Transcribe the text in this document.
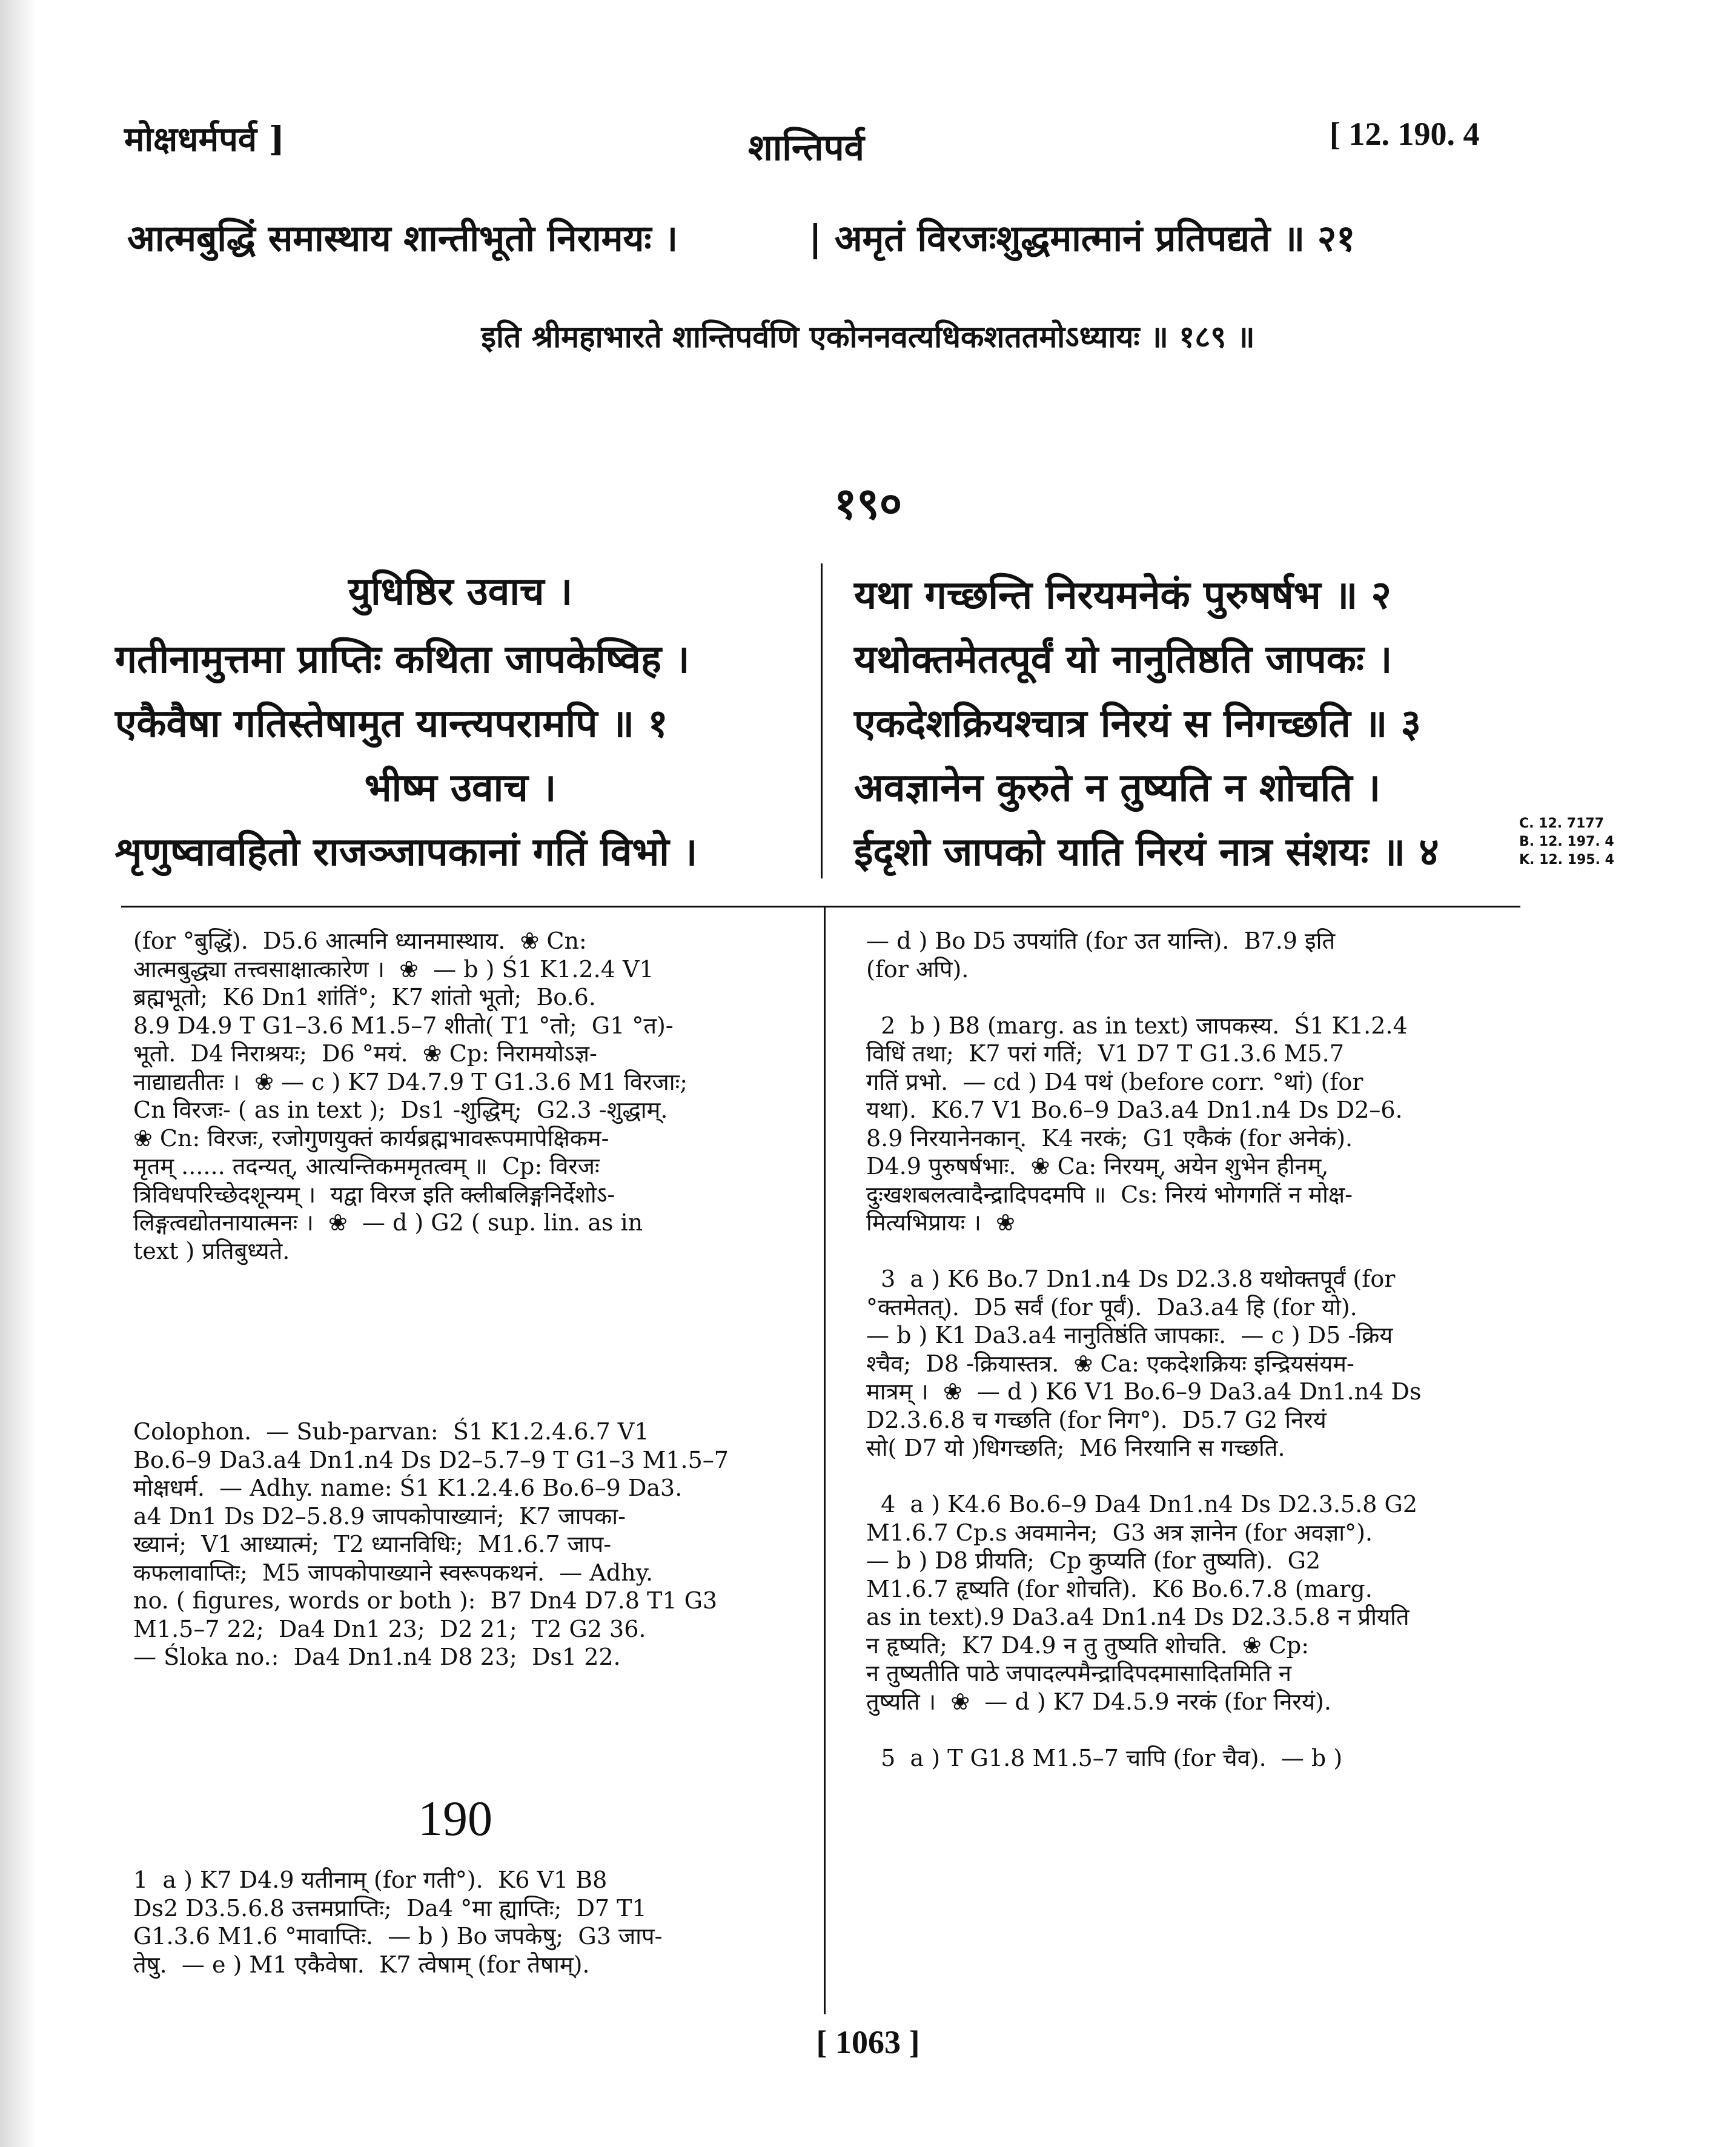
मोक्षधर्मपर्व ]	शान्तिपर्व	[ 12. 190. 4
आत्मबुद्धिं समास्थाय शान्तीभूतो निरामयः ।	| अमृतं विरजःशुद्धमात्मानं प्रतिपद्यते ॥ २१
इति श्रीमहाभारते शान्तिपर्वणि एकोननवत्यधिकशततमोऽध्यायः ॥ १८९ ॥
१९०
युधिष्ठिर उवाच ।
गतीनामुत्तमा प्राप्तिः कथिता जापकेष्विह ।
एकैवैषा गतिस्तेषामुत यान्त्यपरामपि ॥ १
भीष्म उवाच ।
शृणुष्वावहितो राजञ्जापकानां गतिं विभो ।
यथा गच्छन्ति निरयमनेकं पुरुषर्षभ ॥ २
यथोक्तमेतत्पूर्वं यो नानुतिष्ठति जापकः ।
एकदेशक्रियश्चात्र निरयं स निगच्छति ॥ ३
अवज्ञानेन कुरुते न तुष्यति न शोचति ।
ईदृशो जापको याति निरयं नात्र संशयः ॥ ४
C. 12. 7177
B. 12. 197. 4
K. 12. 195. 4

(for °बुद्धिं).  D5.6 आत्मनि ध्यानमास्थाय.  ❀ Cn:

आत्मबुद्ध्या तत्त्वसाक्षात्कारेण ।  ❀  — b ) Ś1 K1.2.4 V1

ब्रह्मभूतो;  K6 Dn1 शांतिं°;  K7 शांतो भूतो;  Bo.6.

8.9 D4.9 T G1–3.6 M1.5–7 शीतो( T1 °तो;  G1 °त)-

भूतो.  D4 निराश्रयः;  D6 °मयं.  ❀ Cp: निरामयोऽज्ञ-

नाद्याद्यतीतः ।  ❀ — c ) K7 D4.7.9 T G1.3.6 M1 विरजाः;

Cn विरजः- ( as in text );  Ds1 -शुद्धिम्;  G2.3 -शुद्धाम्.

❀ Cn: विरजः, रजोगुणयुक्तं कार्यब्रह्मभावरूपमापेक्षिकम-

मृतम् ...... तदन्यत्, आत्यन्तिकममृतत्वम् ॥  Cp: विरजः

त्रिविधपरिच्छेदशून्यम् ।  यद्वा विरज इति क्लीबलिङ्गनिर्देशोऽ-

लिङ्गत्वद्योतनायात्मनः ।  ❀  — d ) G2 ( sup. lin. as in

text ) प्रतिबुध्यते.

Colophon.  — Sub-parvan:  Ś1 K1.2.4.6.7 V1

Bo.6–9 Da3.a4 Dn1.n4 Ds D2–5.7–9 T G1–3 M1.5–7

मोक्षधर्म.  — Adhy. name: Ś1 K1.2.4.6 Bo.6–9 Da3.

a4 Dn1 Ds D2–5.8.9 जापकोपाख्यानं;  K7 जापका-

ख्यानं;  V1 आध्यात्मं;  T2 ध्यानविधिः;  M1.6.7 जाप-

कफलावाप्तिः;  M5 जापकोपाख्याने स्वरूपकथनं.  — Adhy.

no. ( figures, words or both ):  B7 Dn4 D7.8 T1 G3

M1.5–7 22;  Da4 Dn1 23;  D2 21;  T2 G2 36.

— Śloka no.:  Da4 Dn1.n4 D8 23;  Ds1 22.

190

1  a ) K7 D4.9 यतीनाम् (for गती°).  K6 V1 B8

Ds2 D3.5.6.8 उत्तमप्राप्तिः;  Da4 °मा ह्याप्तिः;  D7 T1

G1.3.6 M1.6 °मावाप्तिः.  — b ) Bo जपकेषु;  G3 जाप-

तेषु.  — e ) M1 एकैवेषा.  K7 त्वेषाम् (for तेषाम्).

— d ) Bo D5 उपयांति (for उत यान्ति).  B7.9 इति

(for अपि).

2  b ) B8 (marg. as in text) जापकस्य.  Ś1 K1.2.4

विधिं तथा;  K7 परां गतिं;  V1 D7 T G1.3.6 M5.7

गतिं प्रभो.  — cd ) D4 पथं (before corr. °थां) (for

यथा).  K6.7 V1 Bo.6–9 Da3.a4 Dn1.n4 Ds D2–6.

8.9 निरयानेनकान्.  K4 नरकं;  G1 एकैकं (for अनेकं).

D4.9 पुरुषर्षभाः.  ❀ Ca: निरयम्, अयेन शुभेन हीनम्,

दुःखशबलत्वादैन्द्रादिपदमपि ॥  Cs: निरयं भोगगतिं न मोक्ष-

मित्यभिप्रायः ।  ❀

3  a ) K6 Bo.7 Dn1.n4 Ds D2.3.8 यथोक्तपूर्वं (for

°क्तमेतत्).  D5 सर्वं (for पूर्वं).  Da3.a4 हि (for यो).

— b ) K1 Da3.a4 नानुतिष्ठंति जापकाः.  — c ) D5 -क्रिय

श्चैव;  D8 -क्रियास्तत्र.  ❀ Ca: एकदेशक्रियः इन्द्रियसंयम-

मात्रम् ।  ❀  — d ) K6 V1 Bo.6–9 Da3.a4 Dn1.n4 Ds

D2.3.6.8 च गच्छति (for निग°).  D5.7 G2 निरयं

सो( D7 यो )धिगच्छति;  M6 निरयानि स गच्छति.

4  a ) K4.6 Bo.6–9 Da4 Dn1.n4 Ds D2.3.5.8 G2

M1.6.7 Cp.s अवमानेन;  G3 अत्र ज्ञानेन (for अवज्ञा°).

— b ) D8 प्रीयति;  Cp कुप्यति (for तुष्यति).  G2

M1.6.7 हृष्यति (for शोचति).  K6 Bo.6.7.8 (marg.

as in text).9 Da3.a4 Dn1.n4 Ds D2.3.5.8 न प्रीयति

न हृष्यति;  K7 D4.9 न तु तुष्यति शोचति.  ❀ Cp:

न तुष्यतीति पाठे जपादल्पमैन्द्रादिपदमासादितमिति न

तुष्यति ।  ❀  — d ) K7 D4.5.9 नरकं (for निरयं).

5  a ) T G1.8 M1.5–7 चापि (for चैव).  — b )

[ 1063 ]
